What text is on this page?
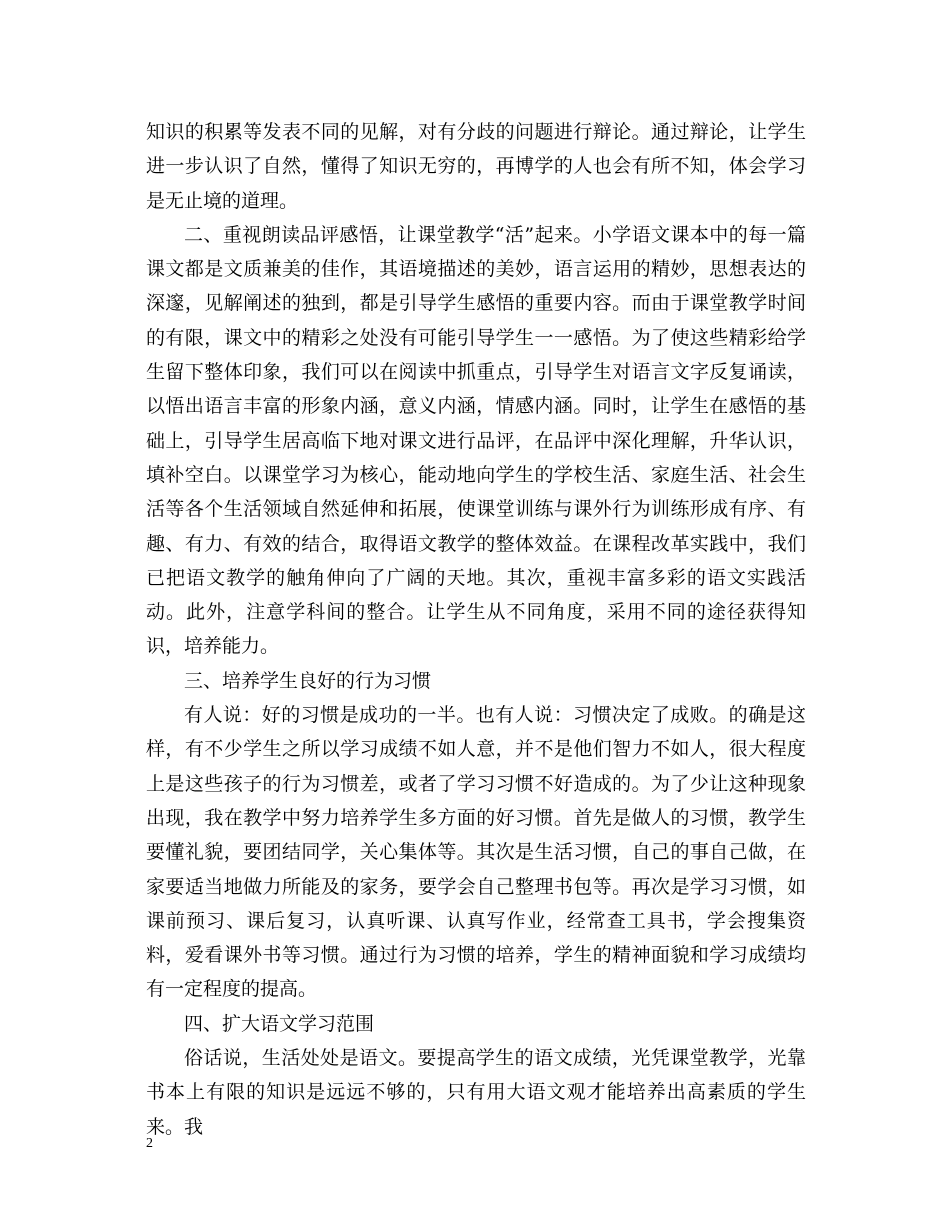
知识的积累等发表不同的见解，对有分歧的问题进行辩论。通过辩论，让学生进一步认识了自然，懂得了知识无穷的，再博学的人也会有所不知，体会学习是无止境的道理。

二、重视朗读品评感悟，让课堂教学“活”起来。小学语文课本中的每一篇课文都是文质兼美的佳作，其语境描述的美妙，语言运用的精妙，思想表达的深邃，见解阐述的独到，都是引导学生感悟的重要内容。而由于课堂教学时间的有限，课文中的精彩之处没有可能引导学生一一感悟。为了使这些精彩给学生留下整体印象，我们可以在阅读中抓重点，引导学生对语言文字反复诵读，以悟出语言丰富的形象内涵，意义内涵，情感内涵。同时，让学生在感悟的基础上，引导学生居高临下地对课文进行品评，在品评中深化理解，升华认识，填补空白。以课堂学习为核心，能动地向学生的学校生活、家庭生活、社会生活等各个生活领域自然延伸和拓展，使课堂训练与课外行为训练形成有序、有趣、有力、有效的结合，取得语文教学的整体效益。在课程改革实践中，我们已把语文教学的触角伸向了广阔的天地。其次，重视丰富多彩的语文实践活动。此外，注意学科间的整合。让学生从不同角度，采用不同的途径获得知识，培养能力。

三、培养学生良好的行为习惯

有人说：好的习惯是成功的一半。也有人说：习惯决定了成败。的确是这样，有不少学生之所以学习成绩不如人意，并不是他们智力不如人，很大程度上是这些孩子的行为习惯差，或者了学习习惯不好造成的。为了少让这种现象出现，我在教学中努力培养学生多方面的好习惯。首先是做人的习惯，教学生要懂礼貌，要团结同学，关心集体等。其次是生活习惯，自己的事自己做，在家要适当地做力所能及的家务，要学会自己整理书包等。再次是学习习惯，如课前预习、课后复习，认真听课、认真写作业，经常查工具书，学会搜集资料，爱看课外书等习惯。通过行为习惯的培养，学生的精神面貌和学习成绩均有一定程度的提高。

四、扩大语文学习范围

俗话说，生活处处是语文。要提高学生的语文成绩，光凭课堂教学，光靠书本上有限的知识是远远不够的，只有用大语文观才能培养出高素质的学生来。我

2
